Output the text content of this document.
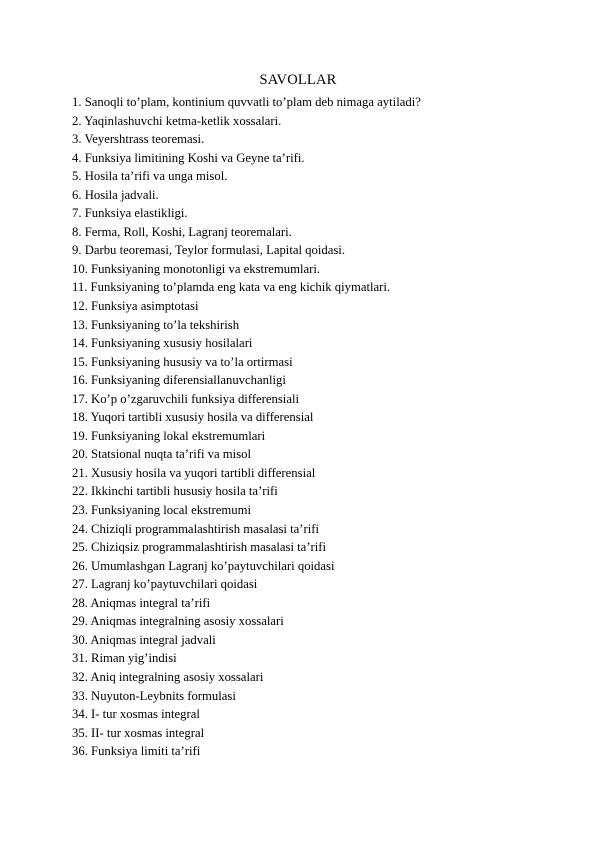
SAVOLLAR
1. Sanoqli to’plam, kontinium quvvatli to’plam deb nimaga aytiladi?
2. Yaqinlashuvchi ketma-ketlik xossalari.
3. Veyershtrass teoremasi.
4. Funksiya limitining Koshi va Geyne ta’rifi.
5. Hosila ta’rifi va unga misol.
6. Hosila jadvali.
7. Funksiya elastikligi.
8. Ferma, Roll, Koshi, Lagranj teoremalari.
9. Darbu teoremasi, Teylor formulasi, Lapital qoidasi.
10. Funksiyaning monotonligi va ekstremumlari.
11. Funksiyaning to’plamda eng kata va eng kichik qiymatlari.
12. Funksiya asimptotasi
13. Funksiyaning to’la tekshirish
14. Funksiyaning xususiy hosilalari
15. Funksiyaning hususiy va to’la ortirmasi
16. Funksiyaning diferensiallanuvchanligi
17. Ko’p o’zgaruvchili funksiya differensiali
18. Yuqori tartibli xususiy hosila va differensial
19. Funksiyaning lokal ekstremumlari
20. Statsional nuqta ta’rifi va misol
21. Xususiy hosila va yuqori tartibli differensial
22. Ikkinchi tartibli hususiy hosila ta’rifi
23. Funksiyaning local ekstremumi
24. Chiziqli programmalashtirish masalasi ta’rifi
25. Chiziqsiz programmalashtirish masalasi ta’rifi
26. Umumlashgan Lagranj ko’paytuvchilari qoidasi
27. Lagranj ko’paytuvchilari qoidasi
28. Aniqmas integral ta’rifi
29. Aniqmas integralning asosiy xossalari
30. Aniqmas integral jadvali
31. Riman yig’indisi
32. Aniq integralning asosiy xossalari
33. Nuyuton-Leybnits formulasi
34. I- tur xosmas integral
35. II- tur xosmas integral
36. Funksiya limiti ta’rifi
